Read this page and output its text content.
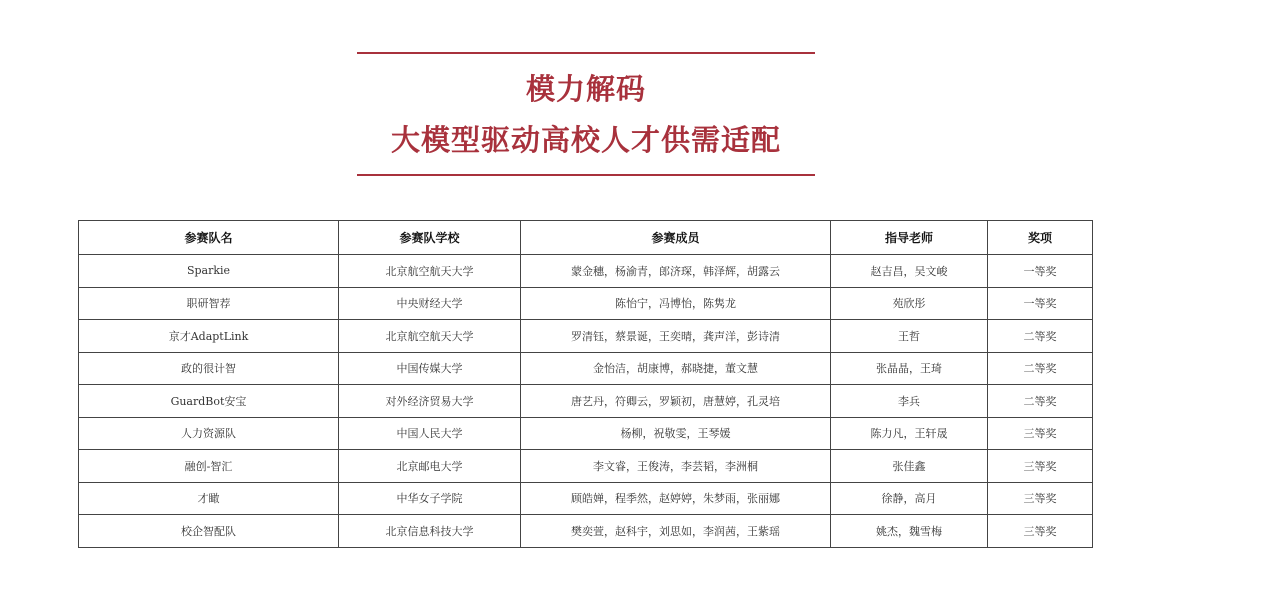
模力解码
大模型驱动高校人才供需适配
参赛队名	参赛队学校	参赛成员	指导老师	奖项
Sparkie	北京航空航天大学	蒙金穗，杨渝青，郎济琛，韩泽辉，胡露云	赵吉昌，吴文峻	一等奖
职研智荐	中央财经大学	陈怡宁，冯博怡，陈隽龙	苑欣彤	一等奖
京才AdaptLink	北京航空航天大学	罗清钰，蔡景诞，王奕晴，龚声洋，彭诗清	王哲	二等奖
政的很计智	中国传媒大学	金怡洁，胡康博，郝晓捷，董文慧	张晶晶，王琦	二等奖
GuardBot安宝	对外经济贸易大学	唐艺丹，符卿云，罗颖初，唐慧婷，孔灵培	李兵	二等奖
人力资源队	中国人民大学	杨柳，祝敬雯，王琴媛	陈力凡，王轩晟	三等奖
融创-智汇	北京邮电大学	李文睿，王俊涛，李芸韬，李洲桐	张佳鑫	三等奖
才瞰	中华女子学院	顾皓婵，程季然，赵婷婷，朱梦雨，张丽娜	徐静，高月	三等奖
校企智配队	北京信息科技大学	樊奕萱，赵科宇，刘思如，李润茜，王紫瑶	姚杰，魏雪梅	三等奖
